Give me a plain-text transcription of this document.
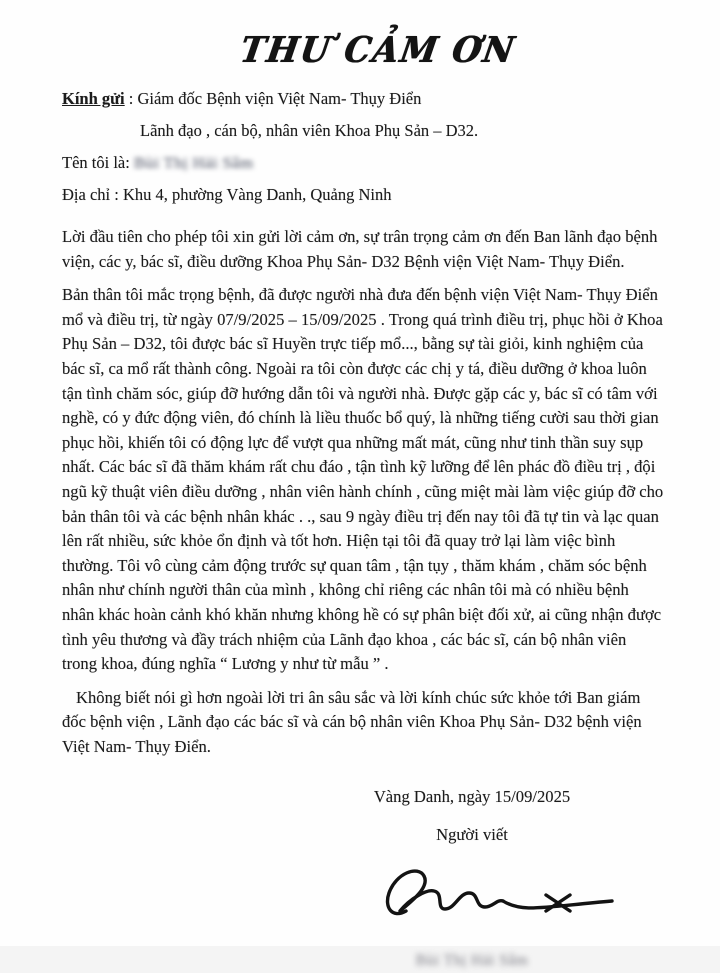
THƯ CẢM ƠN
Kính gửi : Giám đốc Bệnh viện Việt Nam- Thụy Điển
Lãnh đạo , cán bộ, nhân viên Khoa Phụ Sản – D32.
Tên tôi là: Bùi Thị Hải Sâm
Địa chỉ : Khu 4, phường Vàng Danh, Quảng Ninh

Lời đầu tiên cho phép tôi xin gửi lời cảm ơn, sự trân trọng cảm ơn đến Ban lãnh đạo bệnh viện, các y, bác sĩ, điều dưỡng Khoa Phụ Sản- D32 Bệnh viện Việt Nam- Thụy Điển.

Bản thân tôi mắc trọng bệnh, đã được người nhà đưa đến bệnh viện Việt Nam- Thụy Điển mổ và điều trị, từ ngày 07/9/2025 – 15/09/2025 . Trong quá trình điều trị, phục hồi ở Khoa Phụ Sản – D32, tôi được bác sĩ Huyền trực tiếp mổ..., bằng sự tài giỏi, kinh nghiệm của bác sĩ, ca mổ rất thành công. Ngoài ra tôi còn được các chị y tá, điều dưỡng ở khoa luôn tận tình chăm sóc, giúp đỡ hướng dẫn tôi và người nhà. Được gặp các y, bác sĩ có tâm với nghề, có y đức động viên, đó chính là liều thuốc bổ quý, là những tiếng cười sau thời gian phục hồi, khiến tôi có động lực để vượt qua những mất mát, cũng như tinh thần suy sụp nhất. Các bác sĩ đã thăm khám rất chu đáo , tận tình kỹ lưỡng để lên phác đồ điều trị , đội ngũ kỹ thuật viên điều dưỡng , nhân viên hành chính , cũng miệt mài làm việc giúp đỡ cho bản thân tôi và các bệnh nhân khác . ., sau 9 ngày điều trị đến nay tôi đã tự tin và lạc quan lên rất nhiều, sức khỏe ổn định và tốt hơn. Hiện tại tôi đã quay trở lại làm việc bình thường. Tôi vô cùng cảm động trước sự quan tâm , tận tụy , thăm khám , chăm sóc bệnh nhân như chính người thân của mình , không chỉ riêng các nhân tôi mà có nhiều bệnh nhân khác hoàn cảnh khó khăn nhưng không hề có sự phân biệt đối xử, ai cũng nhận được tình yêu thương và đầy trách nhiệm của Lãnh đạo khoa , các bác sĩ, cán bộ nhân viên trong khoa, đúng nghĩa “ Lương y như từ mẫu ” .

Không biết nói gì hơn ngoài lời tri ân sâu sắc và lời kính chúc sức khỏe tới Ban giám đốc bệnh viện , Lãnh đạo các bác sĩ và cán bộ nhân viên Khoa Phụ Sản- D32 bệnh viện Việt Nam- Thụy Điển.

Vàng Danh, ngày 15/09/2025
Người viết
Bùi Thị Hải Sâm
